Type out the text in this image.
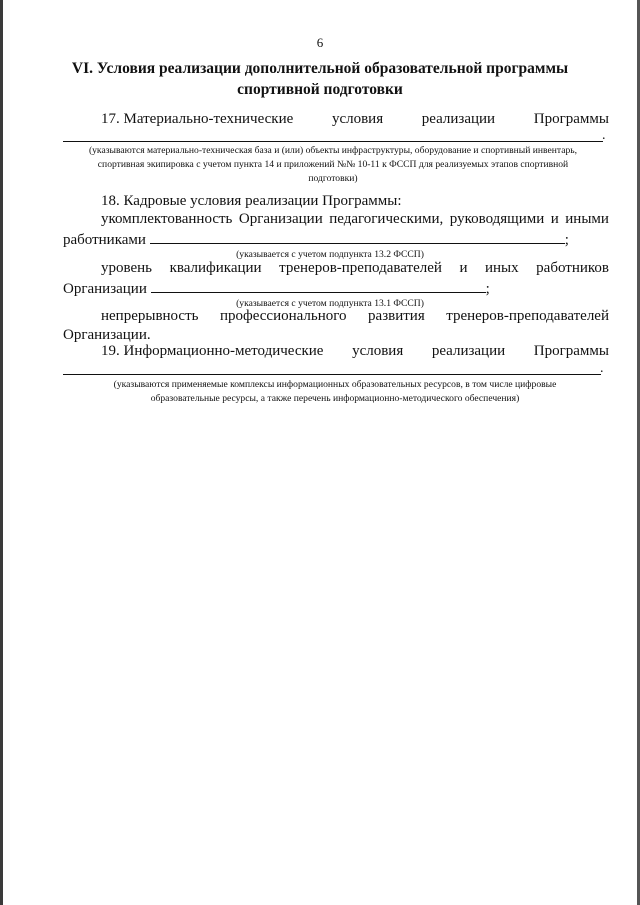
6
VI. Условия реализации дополнительной образовательной программы спортивной подготовки
17. Материально-технические	условия	реализации	Программы
.
(указываются материально-техническая база и (или) объекты инфраструктуры, оборудование и спортивный инвентарь, спортивная экипировка с учетом пункта 14 и приложений №№ 10-11 к ФССП для реализуемых этапов спортивной подготовки)
18. Кадровые условия реализации Программы:
укомплектованность Организации педагогическими, руководящими и иными
работниками	;
(указывается с учетом подпункта 13.2 ФССП)
уровень квалификации тренеров-преподавателей и иных работников
Организации	;
(указывается с учетом подпункта 13.1 ФССП)
непрерывность профессионального развития тренеров-преподавателей
Организации.
19. Информационно-методические условия реализации Программы
.
(указываются применяемые комплексы информационных образовательных ресурсов, в том числе цифровые образовательные ресурсы, а также перечень информационно-методического обеспечения)
